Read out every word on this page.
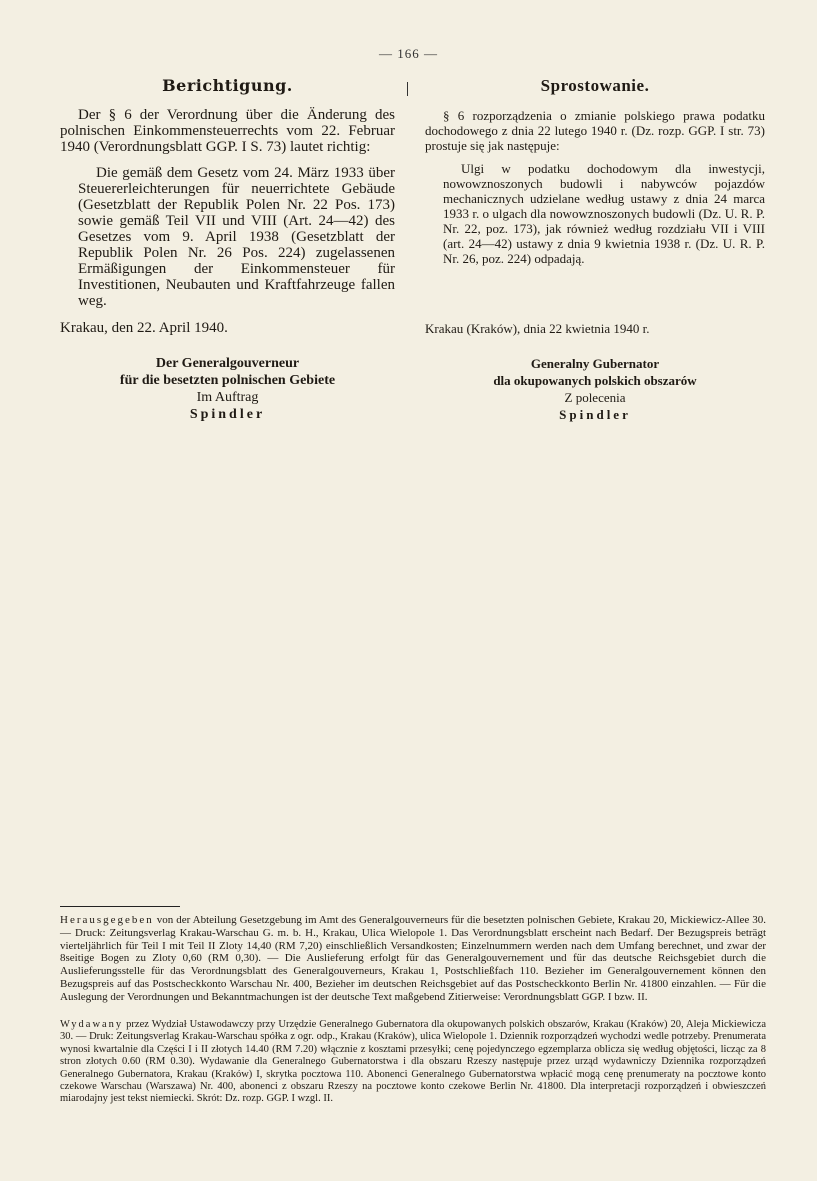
— 166 —
Berichtigung.

Der § 6 der Verordnung über die Änderung des polnischen Einkommensteuerrechts vom 22. Februar 1940 (Verordnungsblatt GGP. I S. 73) lautet richtig:

Die gemäß dem Gesetz vom 24. März 1933 über Steuererleichterungen für neuerrichtete Gebäude (Gesetzblatt der Republik Polen Nr. 22 Pos. 173) sowie gemäß Teil VII und VIII (Art. 24—42) des Gesetzes vom 9. April 1938 (Gesetzblatt der Republik Polen Nr. 26 Pos. 224) zugelassenen Ermäßigungen der Einkommensteuer für Investitionen, Neubauten und Kraftfahrzeuge fallen weg.

Sprostowanie.

§ 6 rozporządzenia o zmianie polskiego prawa podatku dochodowego z dnia 22 lutego 1940 r. (Dz. rozp. GGP. I str. 73) prostuje się jak następuje:

Ulgi w podatku dochodowym dla inwestycji, nowowznoszonych budowli i nabywców pojazdów mechanicznych udzielane według ustawy z dnia 24 marca 1933 r. o ulgach dla nowowznoszonych budowli (Dz. U. R. P. Nr. 22, poz. 173), jak również według rozdziału VII i VIII (art. 24—42) ustawy z dnia 9 kwietnia 1938 r. (Dz. U. R. P. Nr. 26, poz. 224) odpadają.

Krakau, den 22. April 1940.	Krakau (Kraków), dnia 22 kwietnia 1940 r.
Der Generalgouverneur
für die besetzten polnischen Gebiete
Im Auftrag
Spindler
Generalny Gubernator
dla okupowanych polskich obszarów
Z polecenia
Spindler
Herausgegeben von der Abteilung Gesetzgebung im Amt des Generalgouverneurs für die besetzten polnischen Gebiete, Krakau 20, Mickiewicz-Allee 30. — Druck: Zeitungsverlag Krakau-Warschau G. m. b. H., Krakau, Ulica Wielopole 1. Das Verordnungsblatt erscheint nach Bedarf. Der Bezugspreis beträgt vierteljährlich für Teil I mit Teil II Zloty 14,40 (RM 7,20) einschließlich Versandkosten; Einzelnummern werden nach dem Umfang berechnet, und zwar der 8seitige Bogen zu Zloty 0,60 (RM 0,30). — Die Auslieferung erfolgt für das Generalgouvernement und für das deutsche Reichsgebiet durch die Auslieferungsstelle für das Verordnungsblatt des Generalgouverneurs, Krakau 1, Postschließfach 110. Bezieher im Generalgouvernement können den Bezugspreis auf das Postscheckkonto Warschau Nr. 400, Bezieher im deutschen Reichsgebiet auf das Postscheckkonto Berlin Nr. 41800 einzahlen. — Für die Auslegung der Verordnungen und Bekanntmachungen ist der deutsche Text maßgebend Zitierweise: Verordnungsblatt GGP. I bzw. II.
Wydawany przez Wydział Ustawodawczy przy Urzędzie Generalnego Gubernatora dla okupowanych polskich obszarów, Krakau (Kraków) 20, Aleja Mickiewicza 30. — Druk: Zeitungsverlag Krakau-Warschau spółka z ogr. odp., Krakau (Kraków), ulica Wielopole 1. Dziennik rozporządzeń wychodzi wedle potrzeby. Prenumerata wynosi kwartalnie dla Części I i II złotych 14.40 (RM 7.20) włącznie z kosztami przesyłki; cenę pojedynczego egzemplarza oblicza się według objętości, licząc za 8 stron złotych 0.60 (RM 0.30). Wydawanie dla Generalnego Gubernatorstwa i dla obszaru Rzeszy następuje przez urząd wydawniczy Dziennika rozporządzeń Generalnego Gubernatora, Krakau (Kraków) I, skrytka pocztowa 110. Abonenci Generalnego Gubernatorstwa wpłacić mogą cenę prenumeraty na pocztowe konto czekowe Warschau (Warszawa) Nr. 400, abonenci z obszaru Rzeszy na pocztowe konto czekowe Berlin Nr. 41800. Dla interpretacji rozporządzeń i obwieszczeń miarodajny jest tekst niemiecki. Skrót: Dz. rozp. GGP. I wzgl. II.
